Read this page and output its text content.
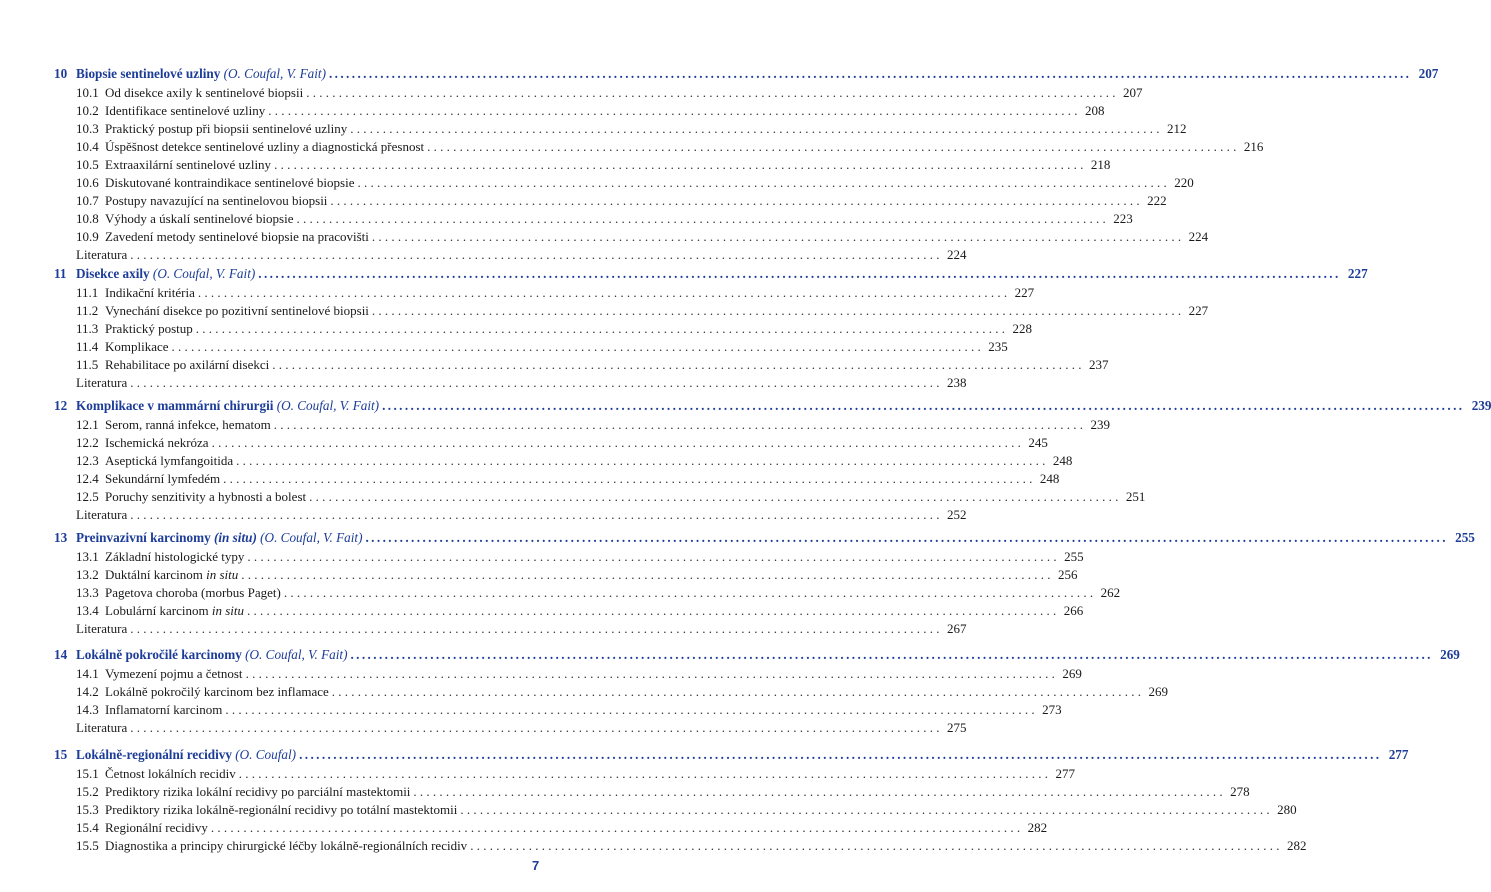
10 Biopsie sentinelové uzliny (O. Coufal, V. Fait) .....	207
10.1 Od disekce axily k sentinelové biopsii . . .	207
10.2 Identifikace sentinelové uzliny . . .	208
10.3 Praktický postup při biopsii sentinelové uzliny . . .	212
10.4 Úspěšnost detekce sentinelové uzliny a diagnostická přesnost . . .	216
10.5 Extraaxilární sentinelové uzliny . . .	218
10.6 Diskutované kontraindikace sentinelové biopsie . . .	220
10.7 Postupy navazující na sentinelovou biopsii . . .	222
10.8 Výhody a úskalí sentinelové biopsie . . .	223
10.9 Zavedení metody sentinelové biopsie na pracovišti . . .	224
Literatura . . .	224
11 Disekce axily (O. Coufal, V. Fait) .....	227
11.1 Indikační kritéria . . .	227
11.2 Vynechání disekce po pozitivní sentinelové biopsii . . .	227
11.3 Praktický postup . . .	228
11.4 Komplikace . . .	235
11.5 Rehabilitace po axilární disekci . . .	237
Literatura . . .	238
12 Komplikace v mammární chirurgii (O. Coufal, V. Fait) .....	239
12.1 Serom, ranná infekce, hematom . . .	239
12.2 Ischemická nekróza . . .	245
12.3 Aseptická lymfangoitida . . .	248
12.4 Sekundární lymfedém . . .	248
12.5 Poruchy senzitivity a hybnosti a bolest . . .	251
Literatura . . .	252
13 Preinvazivní karcinomy (in situ) (O. Coufal, V. Fait) .....	255
13.1 Základní histologické typy . . .	255
13.2 Duktální karcinom in situ . . .	256
13.3 Pagetova choroba (morbus Paget) . . .	262
13.4 Lobulární karcinom in situ . . .	266
Literatura . . .	267
14 Lokálně pokročilé karcinomy (O. Coufal, V. Fait) .....	269
14.1 Vymezení pojmu a četnost . . .	269
14.2 Lokálně pokročilý karcinom bez inflamace . . .	269
14.3 Inflamatorní karcinom . . .	273
Literatura . . .	275
15 Lokálně-regionální recidivy (O. Coufal) .....	277
15.1 Četnost lokálních recidiv . . .	277
15.2 Prediktory rizika lokální recidivy po parciální mastektomii . . .	278
15.3 Prediktory rizika lokálně-regionální recidivy po totální mastektomii . . .	280
15.4 Regionální recidivy . . .	282
15.5 Diagnostika a principy chirurgické léčby lokálně-regionálních recidiv . . .	282
7
